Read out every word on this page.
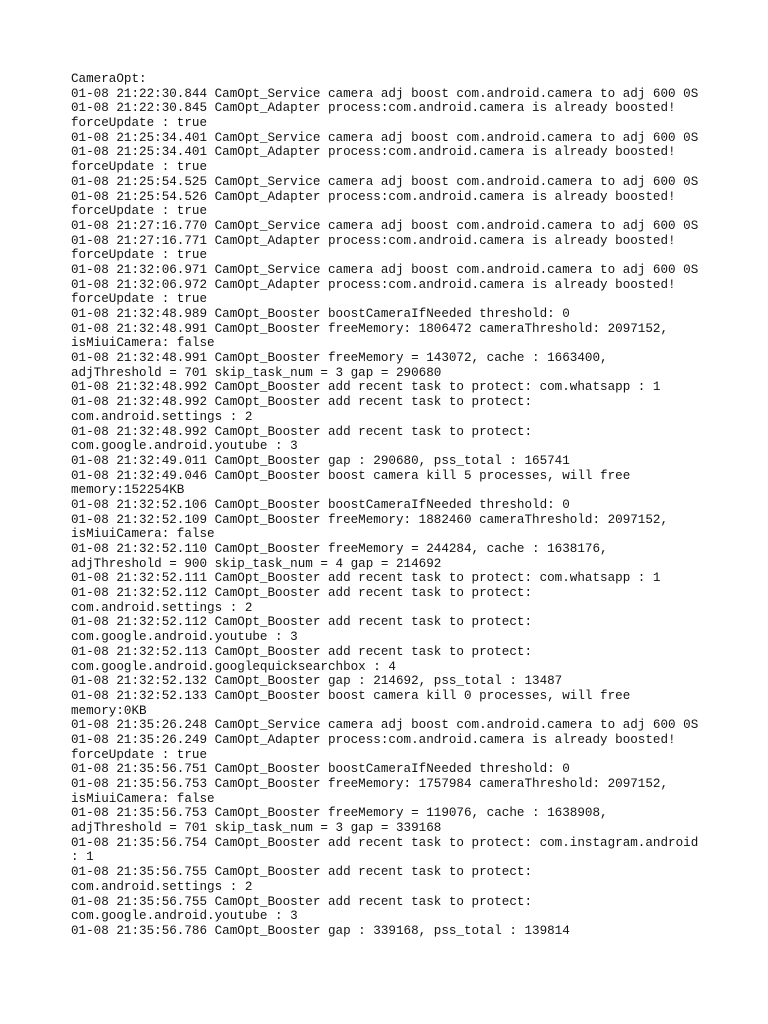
CameraOpt:
01-08 21:22:30.844 CamOpt_Service camera adj boost com.android.camera to adj 600 0S
01-08 21:22:30.845 CamOpt_Adapter process:com.android.camera is already boosted!
forceUpdate : true
01-08 21:25:34.401 CamOpt_Service camera adj boost com.android.camera to adj 600 0S
01-08 21:25:34.401 CamOpt_Adapter process:com.android.camera is already boosted!
forceUpdate : true
01-08 21:25:54.525 CamOpt_Service camera adj boost com.android.camera to adj 600 0S
01-08 21:25:54.526 CamOpt_Adapter process:com.android.camera is already boosted!
forceUpdate : true
01-08 21:27:16.770 CamOpt_Service camera adj boost com.android.camera to adj 600 0S
01-08 21:27:16.771 CamOpt_Adapter process:com.android.camera is already boosted!
forceUpdate : true
01-08 21:32:06.971 CamOpt_Service camera adj boost com.android.camera to adj 600 0S
01-08 21:32:06.972 CamOpt_Adapter process:com.android.camera is already boosted!
forceUpdate : true
01-08 21:32:48.989 CamOpt_Booster boostCameraIfNeeded threshold: 0
01-08 21:32:48.991 CamOpt_Booster freeMemory: 1806472 cameraThreshold: 2097152,
isMiuiCamera: false
01-08 21:32:48.991 CamOpt_Booster freeMemory = 143072, cache : 1663400,
adjThreshold = 701 skip_task_num = 3 gap = 290680
01-08 21:32:48.992 CamOpt_Booster add recent task to protect: com.whatsapp : 1
01-08 21:32:48.992 CamOpt_Booster add recent task to protect:
com.android.settings : 2
01-08 21:32:48.992 CamOpt_Booster add recent task to protect:
com.google.android.youtube : 3
01-08 21:32:49.011 CamOpt_Booster gap : 290680, pss_total : 165741
01-08 21:32:49.046 CamOpt_Booster boost camera kill 5 processes, will free
memory:152254KB
01-08 21:32:52.106 CamOpt_Booster boostCameraIfNeeded threshold: 0
01-08 21:32:52.109 CamOpt_Booster freeMemory: 1882460 cameraThreshold: 2097152,
isMiuiCamera: false
01-08 21:32:52.110 CamOpt_Booster freeMemory = 244284, cache : 1638176,
adjThreshold = 900 skip_task_num = 4 gap = 214692
01-08 21:32:52.111 CamOpt_Booster add recent task to protect: com.whatsapp : 1
01-08 21:32:52.112 CamOpt_Booster add recent task to protect:
com.android.settings : 2
01-08 21:32:52.112 CamOpt_Booster add recent task to protect:
com.google.android.youtube : 3
01-08 21:32:52.113 CamOpt_Booster add recent task to protect:
com.google.android.googlequicksearchbox : 4
01-08 21:32:52.132 CamOpt_Booster gap : 214692, pss_total : 13487
01-08 21:32:52.133 CamOpt_Booster boost camera kill 0 processes, will free
memory:0KB
01-08 21:35:26.248 CamOpt_Service camera adj boost com.android.camera to adj 600 0S
01-08 21:35:26.249 CamOpt_Adapter process:com.android.camera is already boosted!
forceUpdate : true
01-08 21:35:56.751 CamOpt_Booster boostCameraIfNeeded threshold: 0
01-08 21:35:56.753 CamOpt_Booster freeMemory: 1757984 cameraThreshold: 2097152,
isMiuiCamera: false
01-08 21:35:56.753 CamOpt_Booster freeMemory = 119076, cache : 1638908,
adjThreshold = 701 skip_task_num = 3 gap = 339168
01-08 21:35:56.754 CamOpt_Booster add recent task to protect: com.instagram.android
: 1
01-08 21:35:56.755 CamOpt_Booster add recent task to protect:
com.android.settings : 2
01-08 21:35:56.755 CamOpt_Booster add recent task to protect:
com.google.android.youtube : 3
01-08 21:35:56.786 CamOpt_Booster gap : 339168, pss_total : 139814
